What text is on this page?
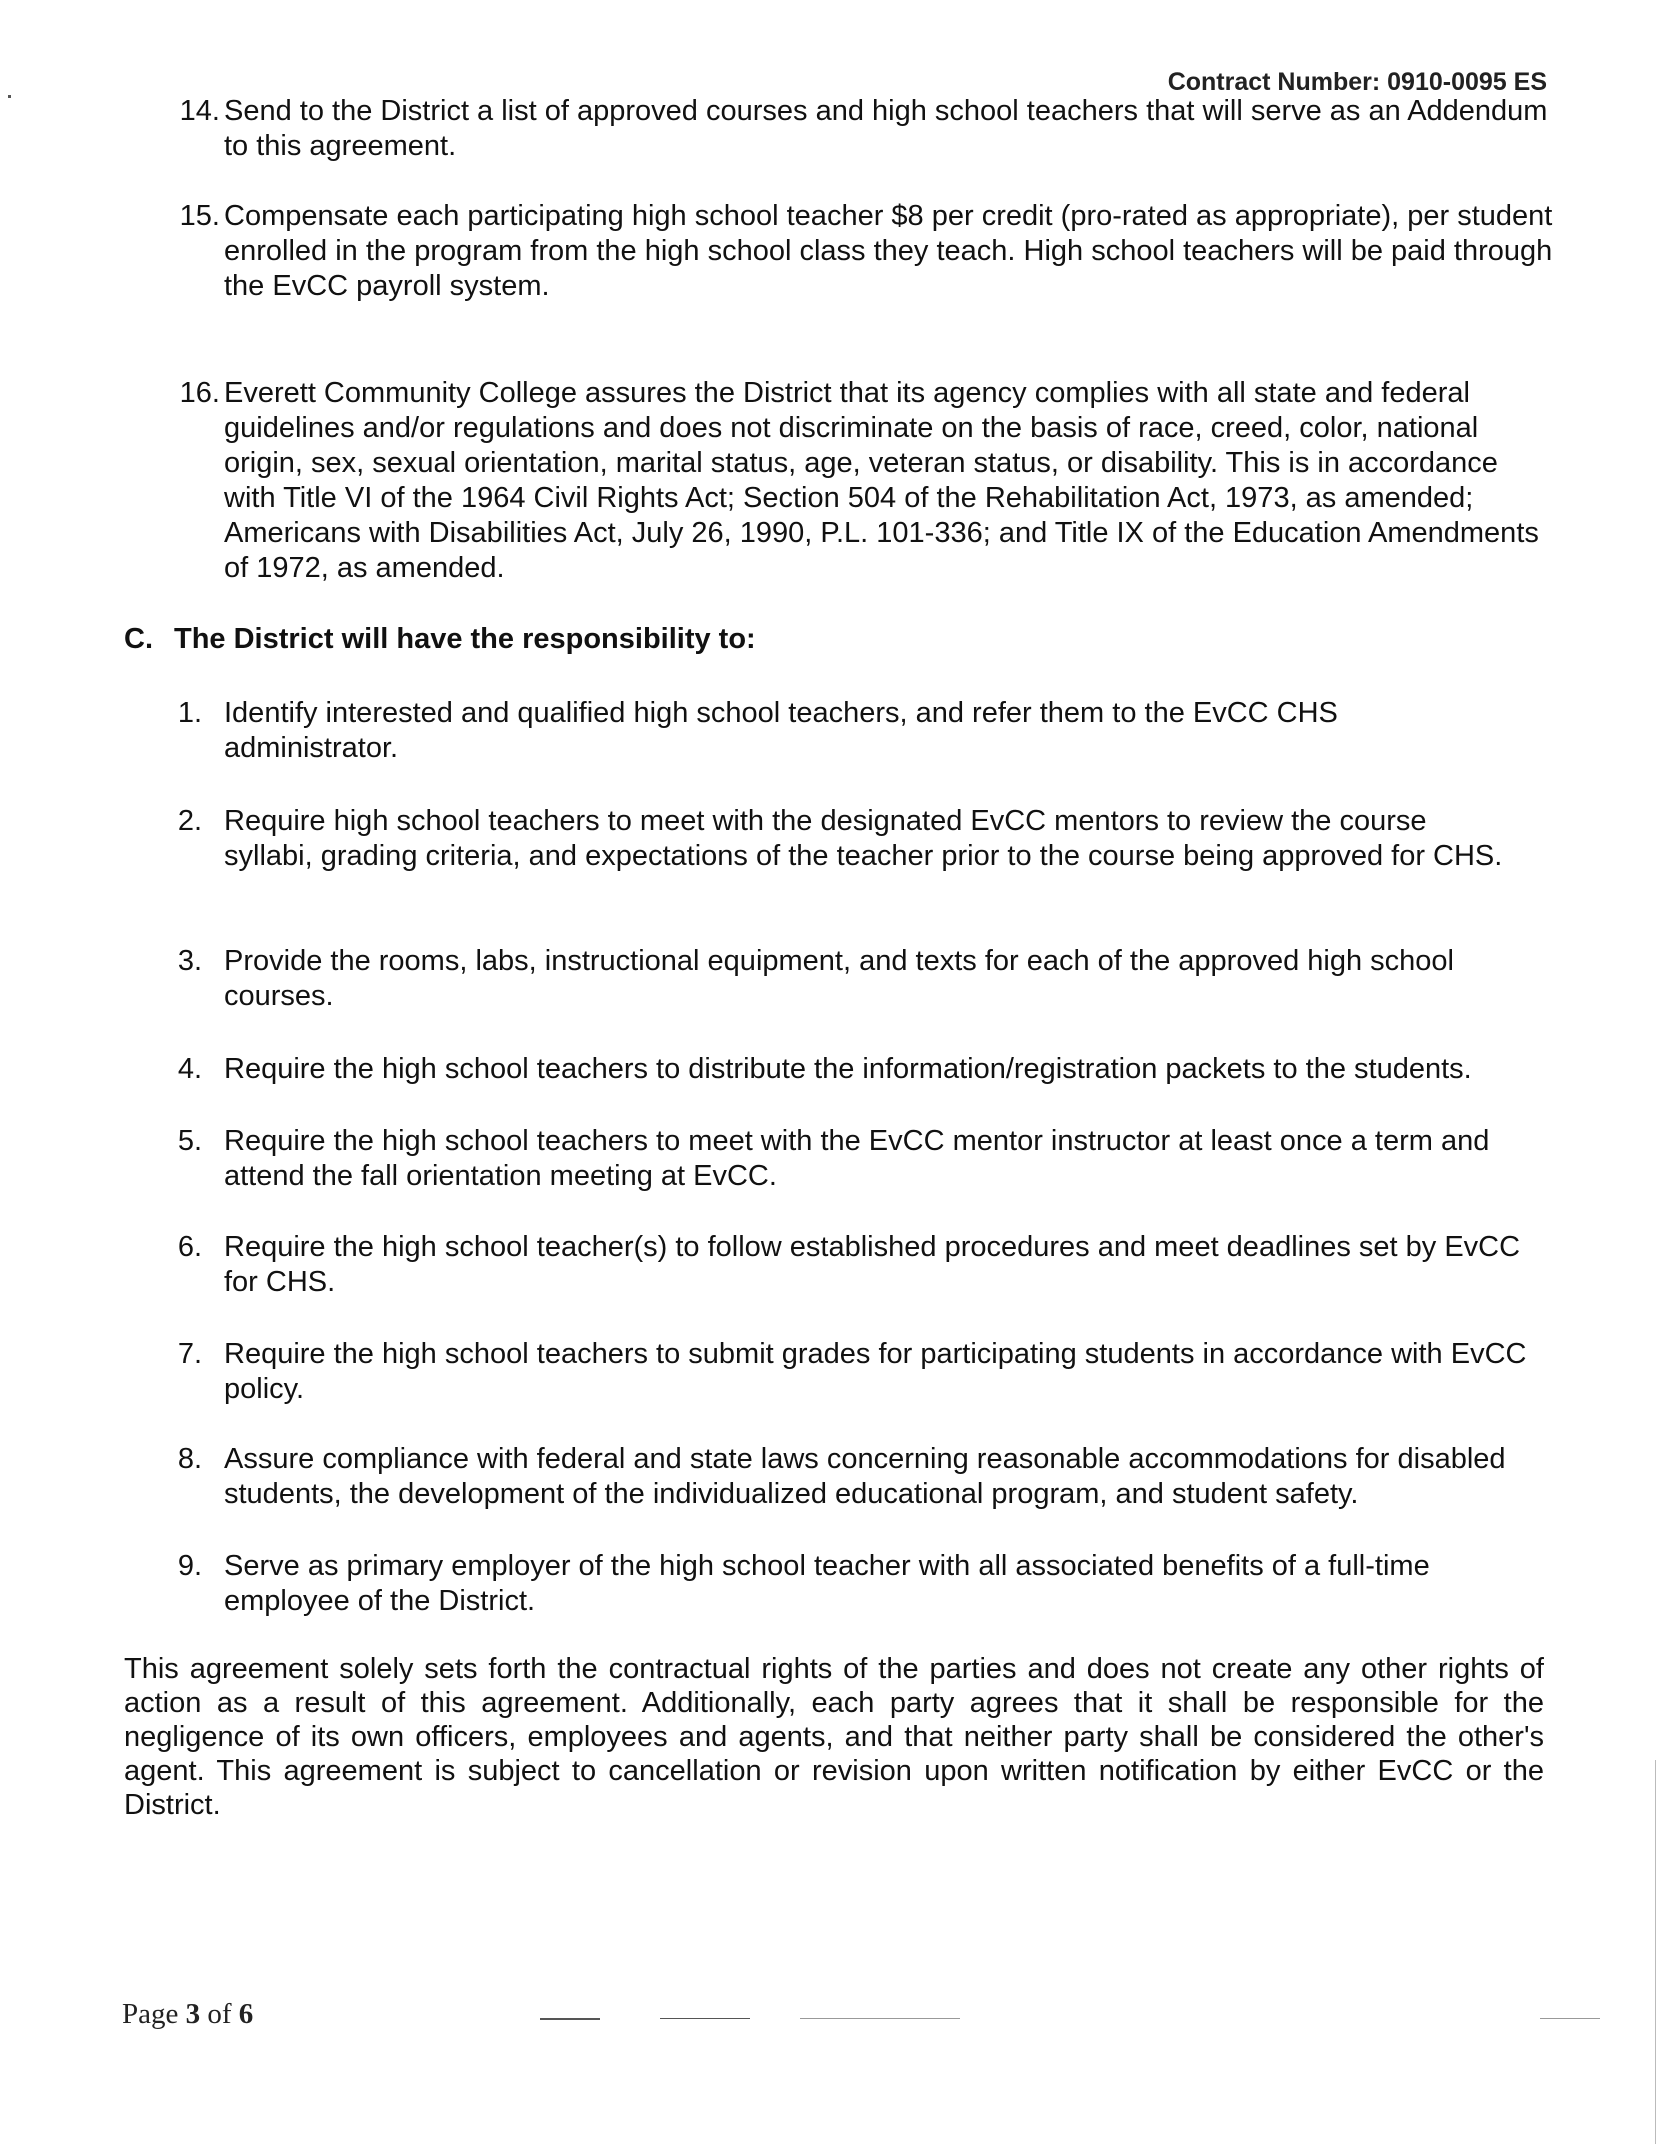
Contract Number: 0910-0095 ES
14. Send to the District a list of approved courses and high school teachers that will serve as an Addendum to this agreement.
15. Compensate each participating high school teacher $8 per credit (pro-rated as appropriate), per student enrolled in the program from the high school class they teach. High school teachers will be paid through the EvCC payroll system.
16. Everett Community College assures the District that its agency complies with all state and federal guidelines and/or regulations and does not discriminate on the basis of race, creed, color, national origin, sex, sexual orientation, marital status, age, veteran status, or disability. This is in accordance with Title VI of the 1964 Civil Rights Act; Section 504 of the Rehabilitation Act, 1973, as amended; Americans with Disabilities Act, July 26, 1990, P.L. 101-336; and Title IX of the Education Amendments of 1972, as amended.
C. The District will have the responsibility to:
1. Identify interested and qualified high school teachers, and refer them to the EvCC CHS administrator.
2. Require high school teachers to meet with the designated EvCC mentors to review the course syllabi, grading criteria, and expectations of the teacher prior to the course being approved for CHS.
3. Provide the rooms, labs, instructional equipment, and texts for each of the approved high school courses.
4. Require the high school teachers to distribute the information/registration packets to the students.
5. Require the high school teachers to meet with the EvCC mentor instructor at least once a term and attend the fall orientation meeting at EvCC.
6. Require the high school teacher(s) to follow established procedures and meet deadlines set by EvCC for CHS.
7. Require the high school teachers to submit grades for participating students in accordance with EvCC policy.
8. Assure compliance with federal and state laws concerning reasonable accommodations for disabled students, the development of the individualized educational program, and student safety.
9. Serve as primary employer of the high school teacher with all associated benefits of a full-time employee of the District.
This agreement solely sets forth the contractual rights of the parties and does not create any other rights of action as a result of this agreement. Additionally, each party agrees that it shall be responsible for the negligence of its own officers, employees and agents, and that neither party shall be considered the other's agent. This agreement is subject to cancellation or revision upon written notification by either EvCC or the District.
Page 3 of 6
